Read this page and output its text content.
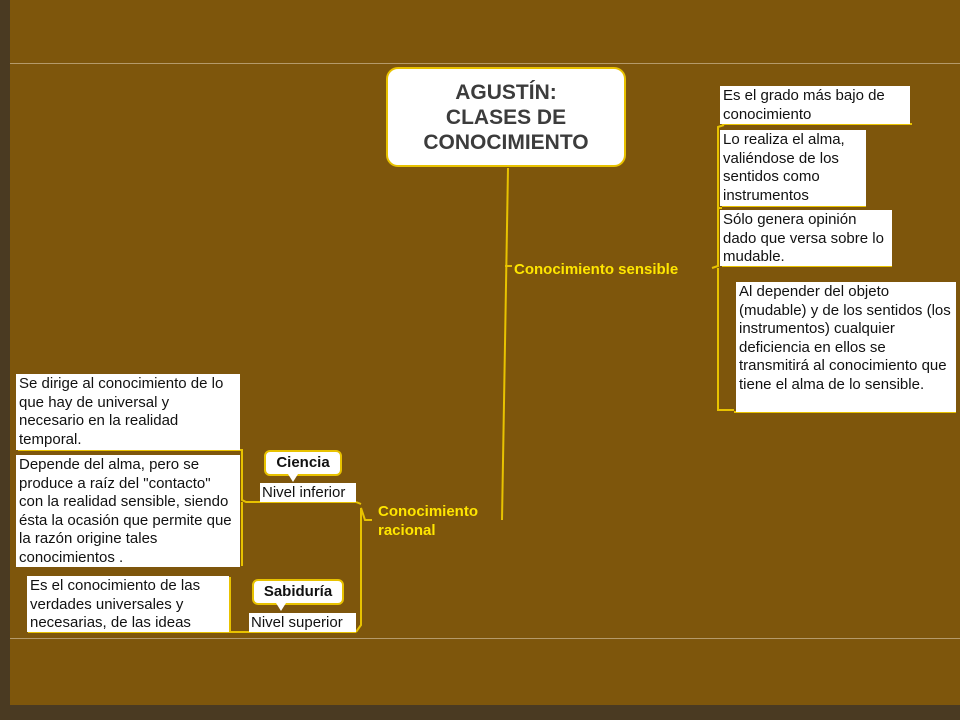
AGUSTÍN:
CLASES DE
CONOCIMIENTO
Conocimiento sensible
Es el grado más bajo de conocimiento
Lo realiza el alma, valiéndose de los sentidos como instrumentos
Sólo genera opinión dado que versa sobre lo mudable.
Al depender del objeto (mudable) y de los sentidos (los instrumentos) cualquier deficiencia en ellos se transmitirá al conocimiento que tiene el alma de lo sensible.
Conocimiento
racional
Ciencia
Nivel inferior
Se dirige al conocimiento de lo que hay de universal y necesario en la realidad temporal.
Depende del alma, pero se produce a raíz del "contacto" con la realidad sensible, siendo ésta la ocasión que permite que la razón origine tales conocimientos .
Sabiduría
Nivel superior
Es el conocimiento de las verdades universales y necesarias, de las ideas
